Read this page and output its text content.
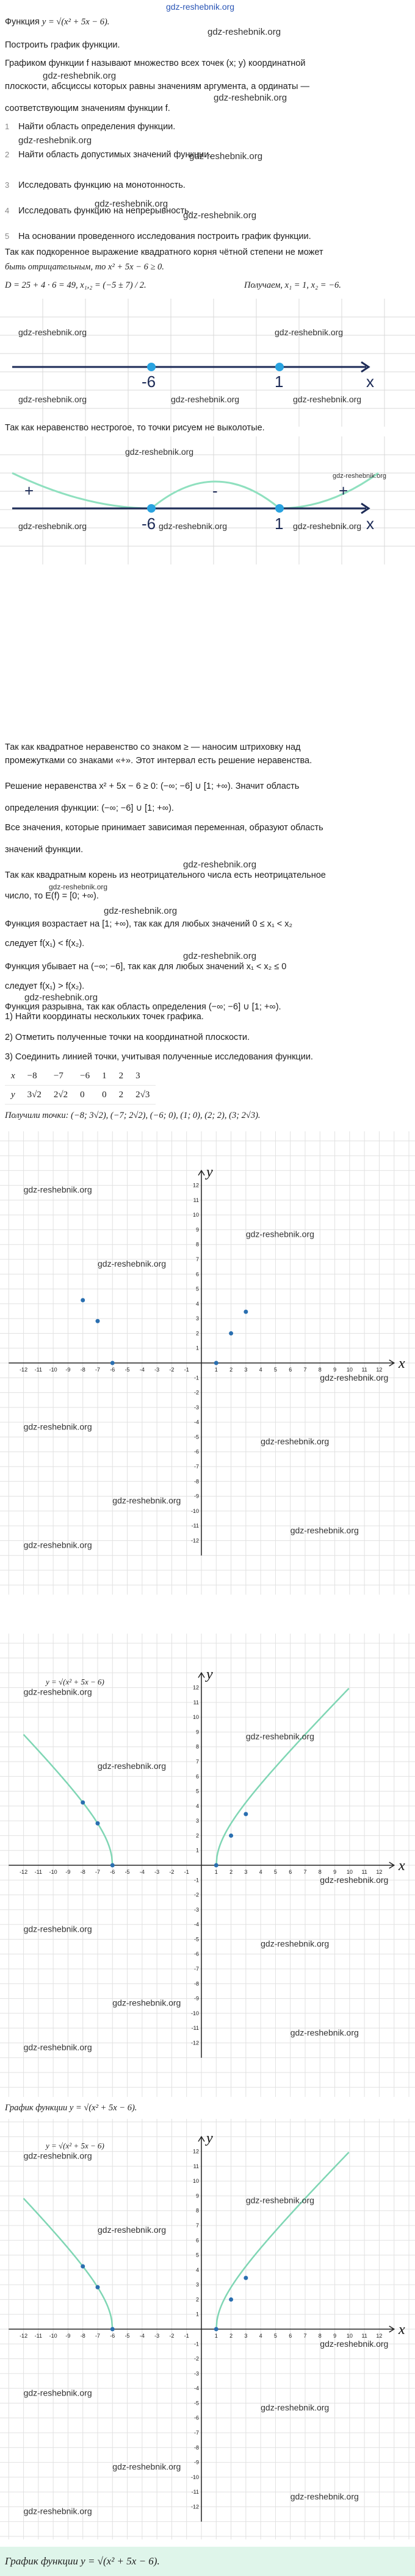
gdz-reshebnik.org
Функция y = √(x² + 5x − 6).
gdz-reshebnik.org
Построить график функции.
Графиком функции f называют множество всех точек (x; y) координатной
gdz-reshebnik.org
плоскости, абсциссы которых равны значениям аргумента, а ординаты —
gdz-reshebnik.org
соответствующим значениям функции f.
1 Найти область определения функции.
2 Найти область допустимых значений функции.
3 Исследовать функцию на монотонность.
4 Исследовать функцию на непрерывность.
5 На основании проведенного исследования построить график функции.
gdz-reshebnik.org
gdz-reshebnik.org
gdz-reshebnik.org
gdz-reshebnik.org
Так как подкоренное выражение квадратного корня чётной степени не может
быть отрицательным, то x² + 5x − 6 ≥ 0.
D = 25 + 4 · 6 = 49, x₁,₂ = (−5 ± 7) / 2.	Получаем, x₁ = 1, x₂ = −6.
-6	1	x
gdz-reshebnik.org	gdz-reshebnik.org
gdz-reshebnik.org	gdz-reshebnik.org	gdz-reshebnik.org
Так как неравенство нестрогое, то точки рисуем не выколотые.
+	-	+
-6	1	x
gdz-reshebnik.org
gdz-reshebnik.org
gdz-reshebnik.org	gdz-reshebnik.org	gdz-reshebnik.org
Так как квадратное неравенство со знаком ≥ — наносим штриховку над
промежутками со знаками «+». Этот интервал есть решение неравенства.
Решение неравенства x² + 5x − 6 ≥ 0: (−∞; −6] ∪ [1; +∞). Значит область
определения функции: (−∞; −6] ∪ [1; +∞).
Все значения, которые принимает зависимая переменная, образуют область
значений функции.
gdz-reshebnik.org
Так как квадратным корень из неотрицательного числа есть неотрицательное
gdz-reshebnik.org
число, то E(f) = [0; +∞).
gdz-reshebnik.org
Функция возрастает на [1; +∞), так как для любых значений 0 ≤ x₁ < x₂
следует f(x₁) < f(x₂).
gdz-reshebnik.org
Функция убывает на (−∞; −6], так как для любых значений x₁ < x₂ ≤ 0
следует f(x₁) > f(x₂).
gdz-reshebnik.org
Функция разрывна, так как область определения (−∞; −6] ∪ [1; +∞).
1) Найти координаты нескольких точек графика.
2) Отметить полученные точки на координатной плоскости.
3) Соединить линией точки, учитывая полученные исследования функции.
x	−8	−7	−6	1	2	3
y	3√2	2√2	0	0	2	2√3
Получили точки: (−8; 3√2), (−7; 2√2), (−6; 0), (1; 0), (2; 2), (3; 2√3).
x
y
-12 -11 -10 -9 -8 -7 -6 -5 -4 -3 -2 -1	1 2 3 4 5 6 7 8 9 10 11 12
12
11
10
9
8
7
6
5
4
3
2
1
-1
-2
-3
-4
-5
-6
-7
-8
-9
-10
-11
-12
gdz-reshebnik.org
gdz-reshebnik.org
gdz-reshebnik.org
gdz-reshebnik.org
gdz-reshebnik.org
gdz-reshebnik.org
gdz-reshebnik.org
gdz-reshebnik.org
gdz-reshebnik.org
x
y
-12 -11 -10 -9 -8 -7 -6 -5 -4 -3 -2 -1	1 2 3 4 5 6 7 8 9 10 11 12
12
11
10
9
8
7
6
5
4
3
2
1
-1
-2
-3
-4
-5
-6
-7
-8
-9
-10
-11
-12
y = √(x² + 5x − 6)
gdz-reshebnik.org
gdz-reshebnik.org
gdz-reshebnik.org
gdz-reshebnik.org
gdz-reshebnik.org
gdz-reshebnik.org
gdz-reshebnik.org
gdz-reshebnik.org
gdz-reshebnik.org
График функции y = √(x² + 5x − 6).
x
y
-12 -11 -10 -9 -8 -7 -6 -5 -4 -3 -2 -1	1 2 3 4 5 6 7 8 9 10 11 12
12
11
10
9
8
7
6
5
4
3
2
1
-1
-2
-3
-4
-5
-6
-7
-8
-9
-10
-11
-12
y = √(x² + 5x − 6)
gdz-reshebnik.org
gdz-reshebnik.org
gdz-reshebnik.org
gdz-reshebnik.org
gdz-reshebnik.org
gdz-reshebnik.org
gdz-reshebnik.org
gdz-reshebnik.org
gdz-reshebnik.org
График функции y = √(x² + 5x − 6).
